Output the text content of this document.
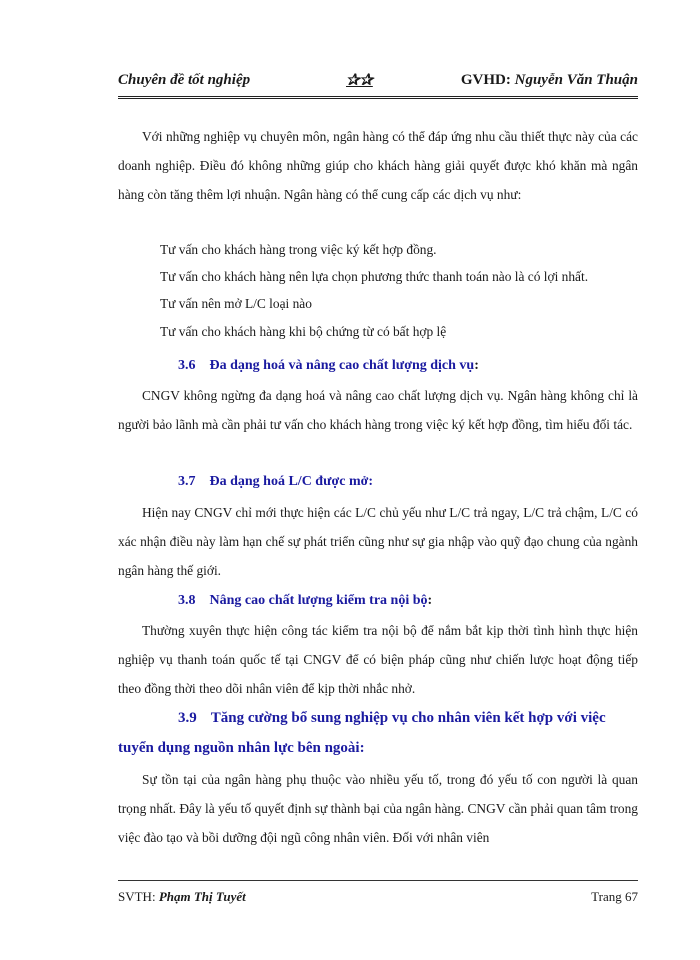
Chuyên đề tốt nghiệp	✰✰	GVHD: Nguyễn Văn Thuận

Với những nghiệp vụ chuyên môn, ngân hàng có thể đáp ứng nhu cầu thiết thực này của các doanh nghiệp. Điều đó không những giúp cho khách hàng giải quyết được khó khăn mà ngân hàng còn tăng thêm lợi nhuận. Ngân hàng có thể cung cấp các dịch vụ như:

Tư vấn cho khách hàng trong việc ký kết hợp đồng.

Tư vấn cho khách hàng nên lựa chọn phương thức thanh toán nào là có lợi nhất.

Tư vấn nên mở L/C loại nào

Tư vấn cho khách hàng khi bộ chứng từ có bất hợp lệ

3.6 Đa dạng hoá và nâng cao chất lượng dịch vụ:

CNGV không ngừng đa dạng hoá và nâng cao chất lượng dịch vụ. Ngân hàng không chỉ là người bảo lãnh mà cần phải tư vấn cho khách hàng trong việc ký kết hợp đồng, tìm hiểu đối tác.

3.7 Đa dạng hoá L/C được mở:

Hiện nay CNGV chỉ mới thực hiện các L/C chủ yếu như L/C trả ngay, L/C trả chậm, L/C có xác nhận điều này làm hạn chế sự phát triển cũng như sự gia nhập vào quỹ đạo chung của ngành ngân hàng thế giới.

3.8 Nâng cao chất lượng kiểm tra nội bộ:

Thường xuyên thực hiện công tác kiểm tra nội bộ để nắm bắt kịp thời tình hình thực hiện nghiệp vụ thanh toán quốc tế tại CNGV để có biện pháp cũng như chiến lược hoạt động tiếp theo đồng thời theo dõi nhân viên để kịp thời nhắc nhở.

3.9 Tăng cường bổ sung nghiệp vụ cho nhân viên kết hợp với việc tuyển dụng nguồn nhân lực bên ngoài:

Sự tồn tại của ngân hàng phụ thuộc vào nhiều yếu tố, trong đó yếu tố con người là quan trọng nhất. Đây là yếu tố quyết định sự thành bại của ngân hàng. CNGV cần phải quan tâm trong việc đào tạo và bồi dưỡng đội ngũ công nhân viên. Đối với nhân viên

SVTH: Phạm Thị Tuyết	Trang 67
